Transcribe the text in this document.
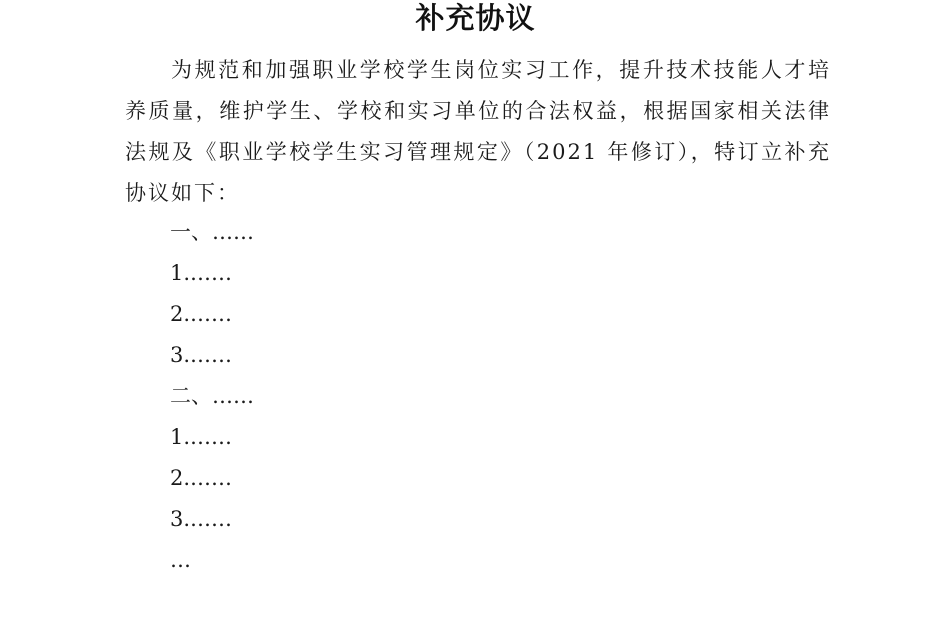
补充协议

为规范和加强职业学校学生岗位实习工作，提升技术技能人才培养质量，维护学生、学校和实习单位的合法权益，根据国家相关法律法规及《职业学校学生实习管理规定》（2021 年修订），特订立补充协议如下：

一、……
1.……
2.……
3.……
二、……
1.……
2.……
3.……
…
